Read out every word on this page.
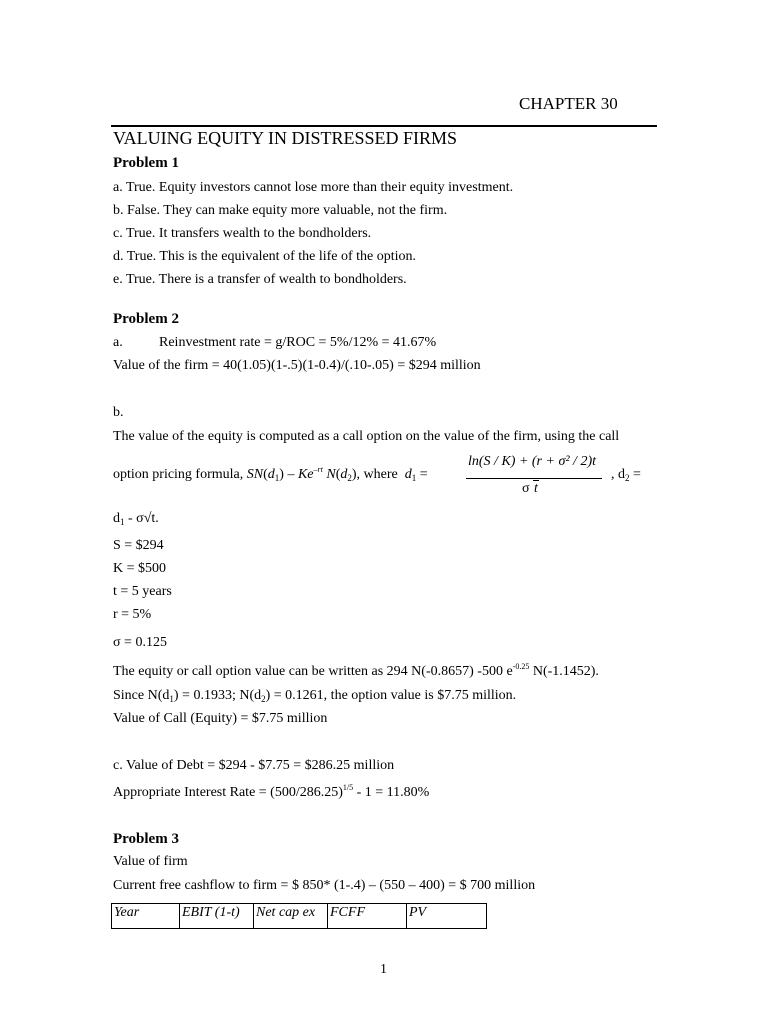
CHAPTER 30
VALUING EQUITY IN DISTRESSED FIRMS
Problem 1
a. True. Equity investors cannot lose more than their equity investment.
b. False. They can make equity more valuable, not the firm.
c. True. It transfers wealth to the bondholders.
d. True. This is the equivalent of the life of the option.
e. True. There is a transfer of wealth to bondholders.
Problem 2
a.	Reinvestment rate = g/ROC = 5%/12% = 41.67%
Value of the firm = 40(1.05)(1-.5)(1-0.4)/(.10-.05) = $294 million
b.
The value of the equity is computed as a call option on the value of the firm, using the call
option pricing formula, $SN(d_1) - Ke^{-rt}$ $N(d_2)$, where $d_1$ =
ln(S / K) + (r + σ² / 2)t
σ t
, $d_2$ =
$d_1 - \sigma√t$.
S = $294
K = $500
t = 5 years
r = 5%
σ = 0.125
The equity or call option value can be written as 294 N(-0.8657) -500 $e^{-0.25}$ N(-1.1452).
Since $N(d_1) = 0.1933$; $N(d_2) = 0.1261$, the option value is $7.75 million.
Value of Call (Equity) = $7.75 million
c. Value of Debt = $294 - $7.75 = $286.25 million
Appropriate Interest Rate = $(500/286.25)^{1/5} - 1 = 11.80\%$
Problem 3
Value of firm
Current free cashflow to firm = $ 850* (1-.4) – (550 – 400) = $ 700 million
Year	EBIT (1-t)	Net cap ex	FCFF	PV
1
